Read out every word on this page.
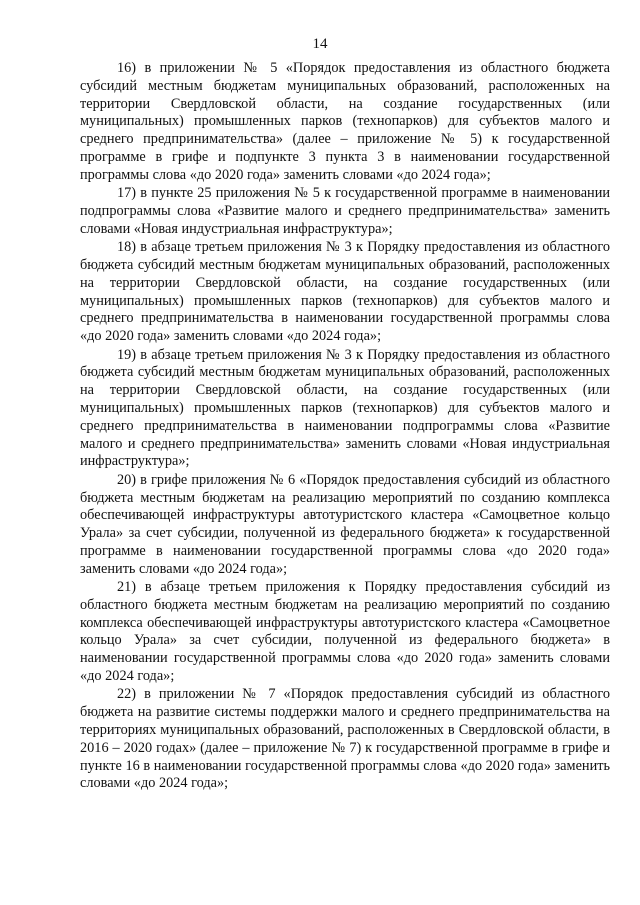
14

16) в приложении № 5 «Порядок предоставления из областного бюджета субсидий местным бюджетам муниципальных образований, расположенных на территории Свердловской области, на создание государственных (или муниципальных) промышленных парков (технопарков) для субъектов малого и среднего предпринимательства» (далее – приложение № 5) к государственной программе в грифе и подпункте 3 пункта 3 в наименовании государственной программы слова «до 2020 года» заменить словами «до 2024 года»;

17) в пункте 25 приложения № 5 к государственной программе в наименовании подпрограммы слова «Развитие малого и среднего предпринимательства» заменить словами «Новая индустриальная инфраструктура»;

18) в абзаце третьем приложения № 3 к Порядку предоставления из областного бюджета субсидий местным бюджетам муниципальных образований, расположенных на территории Свердловской области, на создание государственных (или муниципальных) промышленных парков (технопарков) для субъектов малого и среднего предпринимательства в наименовании государственной программы слова «до 2020 года» заменить словами «до 2024 года»;

19) в абзаце третьем приложения № 3 к Порядку предоставления из областного бюджета субсидий местным бюджетам муниципальных образований, расположенных на территории Свердловской области, на создание государственных (или муниципальных) промышленных парков (технопарков) для субъектов малого и среднего предпринимательства в наименовании подпрограммы слова «Развитие малого и среднего предпринимательства» заменить словами «Новая индустриальная инфраструктура»;

20) в грифе приложения № 6 «Порядок предоставления субсидий из областного бюджета местным бюджетам на реализацию мероприятий по созданию комплекса обеспечивающей инфраструктуры автотуристского кластера «Самоцветное кольцо Урала» за счет субсидии, полученной из федерального бюджета» к государственной программе в наименовании государственной программы слова «до 2020 года» заменить словами «до 2024 года»;

21) в абзаце третьем приложения к Порядку предоставления субсидий из областного бюджета местным бюджетам на реализацию мероприятий по созданию комплекса обеспечивающей инфраструктуры автотуристского кластера «Самоцветное кольцо Урала» за счет субсидии, полученной из федерального бюджета» в наименовании государственной программы слова «до 2020 года» заменить словами «до 2024 года»;

22) в приложении № 7 «Порядок предоставления субсидий из областного бюджета на развитие системы поддержки малого и среднего предпринимательства на территориях муниципальных образований, расположенных в Свердловской области, в 2016 – 2020 годах» (далее – приложение № 7) к государственной программе в грифе и пункте 16 в наименовании государственной программы слова «до 2020 года» заменить словами «до 2024 года»;
